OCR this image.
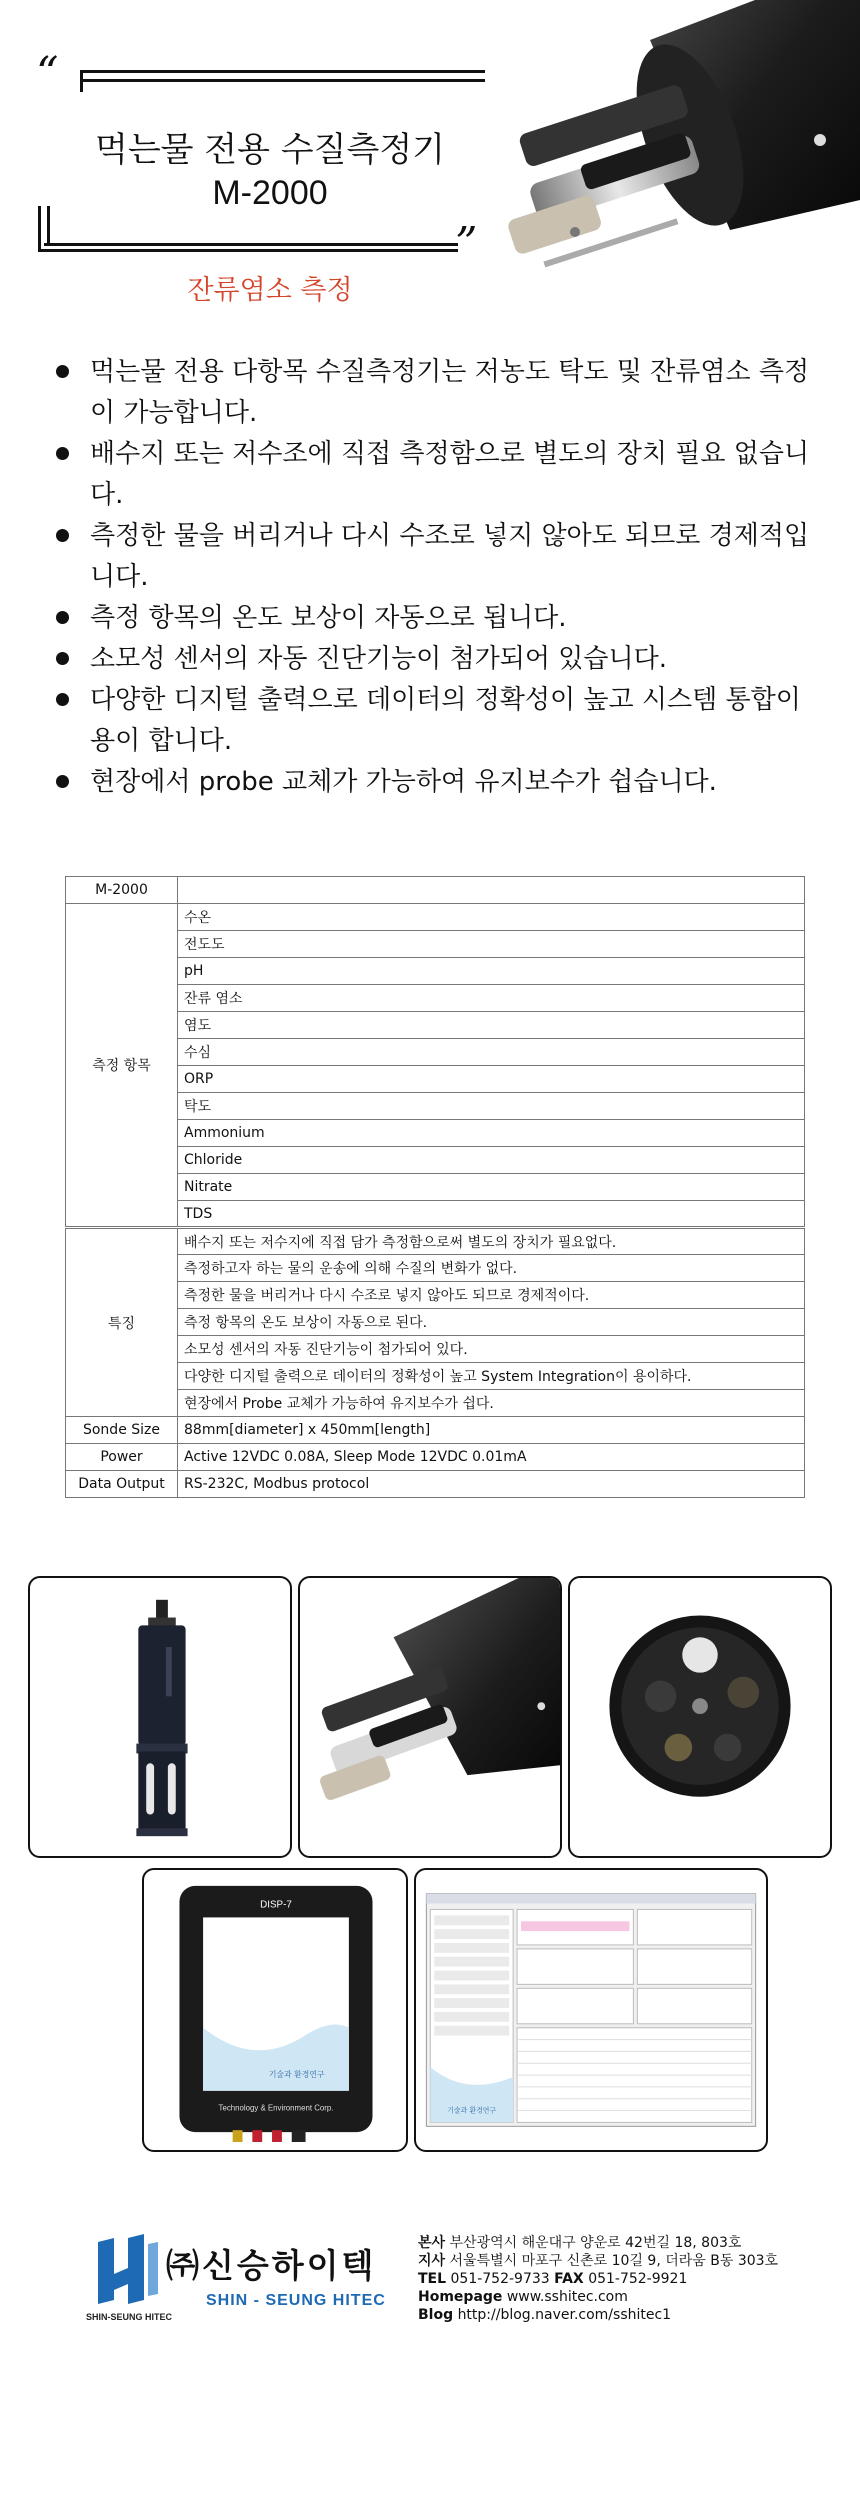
“
”
먹는물 전용 수질측정기
M-2000
잔류염소 측정
먹는물 전용 다항목 수질측정기는 저농도 탁도 및 잔류염소 측정이 가능합니다.
배수지 또는 저수조에 직접 측정함으로 별도의 장치 필요 없습니다.
측정한 물을 버리거나 다시 수조로 넣지 않아도 되므로 경제적입니다.
측정 항목의 온도 보상이 자동으로 됩니다.
소모성 센서의 자동 진단기능이 첨가되어 있습니다.
다양한 디지털 출력으로 데이터의 정확성이 높고 시스템 통합이 용이 합니다.
현장에서 probe 교체가 가능하여 유지보수가 쉽습니다.
M-2000	
측정 항목	수온
	전도도
	pH
	잔류 염소
	염도
	수심
	ORP
	탁도
	Ammonium
	Chloride
	Nitrate
	TDS
특징	배수지 또는 저수지에 직접 담가 측정함으로써 별도의 장치가 필요없다.
	측정하고자 하는 물의 운송에 의해 수질의 변화가 없다.
	측정한 물을 버리거나 다시 수조로 넣지 않아도 되므로 경제적이다.
	측정 항목의 온도 보상이 자동으로 된다.
	소모성 센서의 자동 진단기능이 첨가되어 있다.
	다양한 디지털 출력으로 데이터의 정확성이 높고 System Integration이 용이하다.
	현장에서 Probe 교체가 가능하여 유지보수가 쉽다.
Sonde Size	88mm[diameter] x 450mm[length]
Power	Active 12VDC 0.08A, Sleep Mode 12VDC 0.01mA
Data Output	RS-232C, Modbus protocol
DISP-7
기술과 환경연구
Technology & Environment Corp.	기술과 환경연구
SHIN-SEUNG HITEC
㈜신승하이텍
SHIN - SEUNG HITEC
본사 부산광역시 해운대구 양운로 42번길 18, 803호
지사 서울특별시 마포구 신촌로 10길 9, 더라움 B동 303호
TEL 051-752-9733 FAX 051-752-9921
Homepage www.sshitec.com
Blog http://blog.naver.com/sshitec1
